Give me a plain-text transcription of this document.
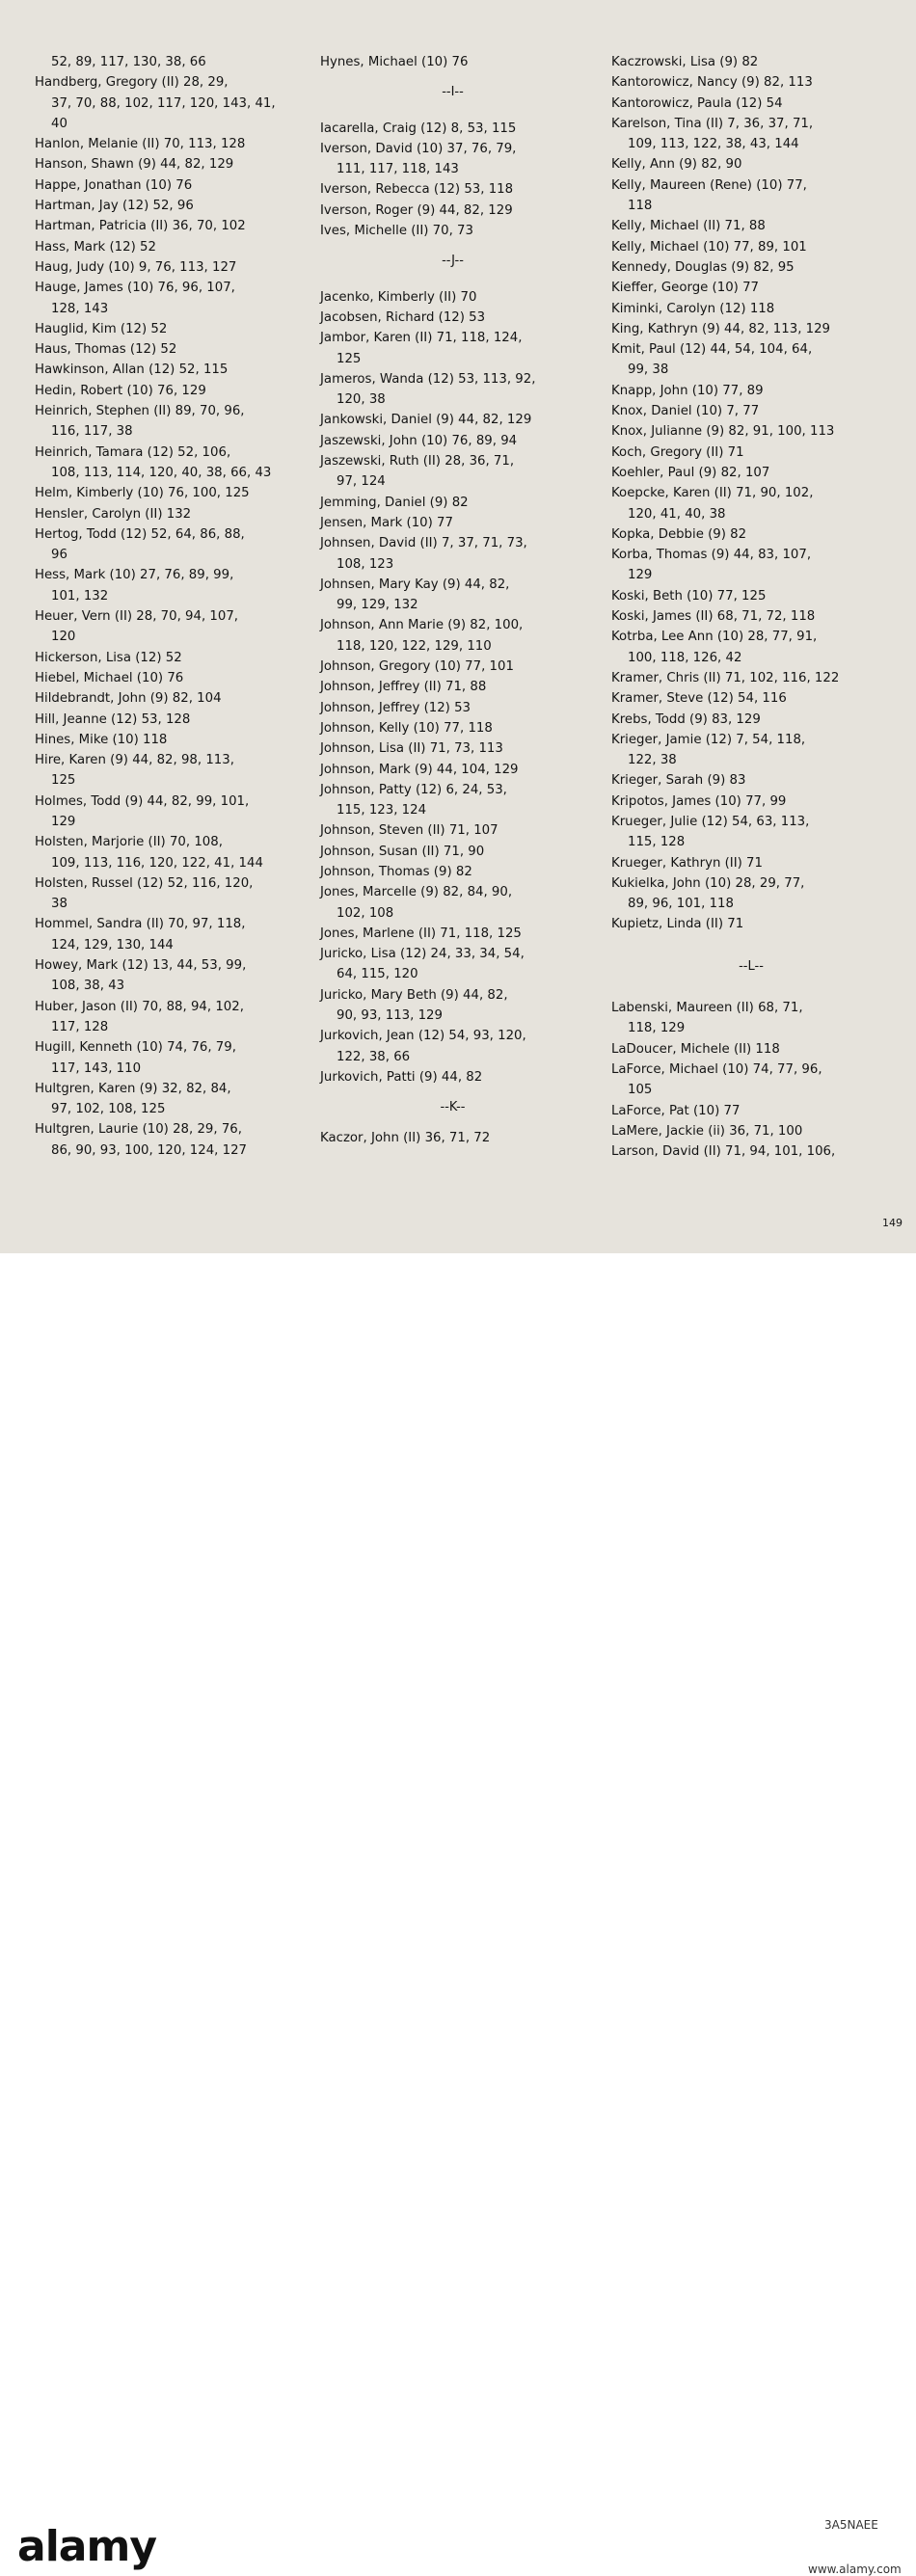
52, 89, 117, 130, 38, 66
Handberg, Gregory (II) 28, 29,
37, 70, 88, 102, 117, 120, 143, 41,
40
Hanlon, Melanie (II) 70, 113, 128
Hanson, Shawn (9) 44, 82, 129
Happe, Jonathan (10) 76
Hartman, Jay (12) 52, 96
Hartman, Patricia (II) 36, 70, 102
Hass, Mark (12) 52
Haug, Judy (10) 9, 76, 113, 127
Hauge, James (10) 76, 96, 107,
128, 143
Hauglid, Kim (12) 52
Haus, Thomas (12) 52
Hawkinson, Allan (12) 52, 115
Hedin, Robert (10) 76, 129
Heinrich, Stephen (II) 89, 70, 96,
116, 117, 38
Heinrich, Tamara (12) 52, 106,
108, 113, 114, 120, 40, 38, 66, 43
Helm, Kimberly (10) 76, 100, 125
Hensler, Carolyn (II) 132
Hertog, Todd (12) 52, 64, 86, 88,
96
Hess, Mark (10) 27, 76, 89, 99,
101, 132
Heuer, Vern (II) 28, 70, 94, 107,
120
Hickerson, Lisa (12) 52
Hiebel, Michael (10) 76
Hildebrandt, John (9) 82, 104
Hill, Jeanne (12) 53, 128
Hines, Mike (10) 118
Hire, Karen (9) 44, 82, 98, 113,
125
Holmes, Todd (9) 44, 82, 99, 101,
129
Holsten, Marjorie (II) 70, 108,
109, 113, 116, 120, 122, 41, 144
Holsten, Russel (12) 52, 116, 120,
38
Hommel, Sandra (II) 70, 97, 118,
124, 129, 130, 144
Howey, Mark (12) 13, 44, 53, 99,
108, 38, 43
Huber, Jason (II) 70, 88, 94, 102,
117, 128
Hugill, Kenneth (10) 74, 76, 79,
117, 143, 110
Hultgren, Karen (9) 32, 82, 84,
97, 102, 108, 125
Hultgren, Laurie (10) 28, 29, 76,
86, 90, 93, 100, 120, 124, 127
Hynes, Michael (10) 76
--I--
Iacarella, Craig (12) 8, 53, 115
Iverson, David (10) 37, 76, 79,
111, 117, 118, 143
Iverson, Rebecca (12) 53, 118
Iverson, Roger (9) 44, 82, 129
Ives, Michelle (II) 70, 73
--J--
Jacenko, Kimberly (II) 70
Jacobsen, Richard (12) 53
Jambor, Karen (II) 71, 118, 124,
125
Jameros, Wanda (12) 53, 113, 92,
120, 38
Jankowski, Daniel (9) 44, 82, 129
Jaszewski, John (10) 76, 89, 94
Jaszewski, Ruth (II) 28, 36, 71,
97, 124
Jemming, Daniel (9) 82
Jensen, Mark (10) 77
Johnsen, David (II) 7, 37, 71, 73,
108, 123
Johnsen, Mary Kay (9) 44, 82,
99, 129, 132
Johnson, Ann Marie (9) 82, 100,
118, 120, 122, 129, 110
Johnson, Gregory (10) 77, 101
Johnson, Jeffrey (II) 71, 88
Johnson, Jeffrey (12) 53
Johnson, Kelly (10) 77, 118
Johnson, Lisa (II) 71, 73, 113
Johnson, Mark (9) 44, 104, 129
Johnson, Patty (12) 6, 24, 53,
115, 123, 124
Johnson, Steven (II) 71, 107
Johnson, Susan (II) 71, 90
Johnson, Thomas (9) 82
Jones, Marcelle (9) 82, 84, 90,
102, 108
Jones, Marlene (II) 71, 118, 125
Juricko, Lisa (12) 24, 33, 34, 54,
64, 115, 120
Juricko, Mary Beth (9) 44, 82,
90, 93, 113, 129
Jurkovich, Jean (12) 54, 93, 120,
122, 38, 66
Jurkovich, Patti (9) 44, 82
--K--
Kaczor, John (II) 36, 71, 72
Kaczrowski, Lisa (9) 82
Kantorowicz, Nancy (9) 82, 113
Kantorowicz, Paula (12) 54
Karelson, Tina (II) 7, 36, 37, 71,
109, 113, 122, 38, 43, 144
Kelly, Ann (9) 82, 90
Kelly, Maureen (Rene) (10) 77,
118
Kelly, Michael (II) 71, 88
Kelly, Michael (10) 77, 89, 101
Kennedy, Douglas (9) 82, 95
Kieffer, George (10) 77
Kiminki, Carolyn (12) 118
King, Kathryn (9) 44, 82, 113, 129
Kmit, Paul (12) 44, 54, 104, 64,
99, 38
Knapp, John (10) 77, 89
Knox, Daniel (10) 7, 77
Knox, Julianne (9) 82, 91, 100, 113
Koch, Gregory (II) 71
Koehler, Paul (9) 82, 107
Koepcke, Karen (II) 71, 90, 102,
120, 41, 40, 38
Kopka, Debbie (9) 82
Korba, Thomas (9) 44, 83, 107,
129
Koski, Beth (10) 77, 125
Koski, James (II) 68, 71, 72, 118
Kotrba, Lee Ann (10) 28, 77, 91,
100, 118, 126, 42
Kramer, Chris (II) 71, 102, 116, 122
Kramer, Steve (12) 54, 116
Krebs, Todd (9) 83, 129
Krieger, Jamie (12) 7, 54, 118,
122, 38
Krieger, Sarah (9) 83
Kripotos, James (10) 77, 99
Krueger, Julie (12) 54, 63, 113,
115, 128
Krueger, Kathryn (II) 71
Kukielka, John (10) 28, 29, 77,
89, 96, 101, 118
Kupietz, Linda (II) 71
--L--
Labenski, Maureen (II) 68, 71,
118, 129
LaDoucer, Michele (II) 118
LaForce, Michael (10) 74, 77, 96,
105
LaForce, Pat (10) 77
LaMere, Jackie (ii) 36, 71, 100
Larson, David (II) 71, 94, 101, 106,
149
alamy	3A5NAEE
www.alamy.com
